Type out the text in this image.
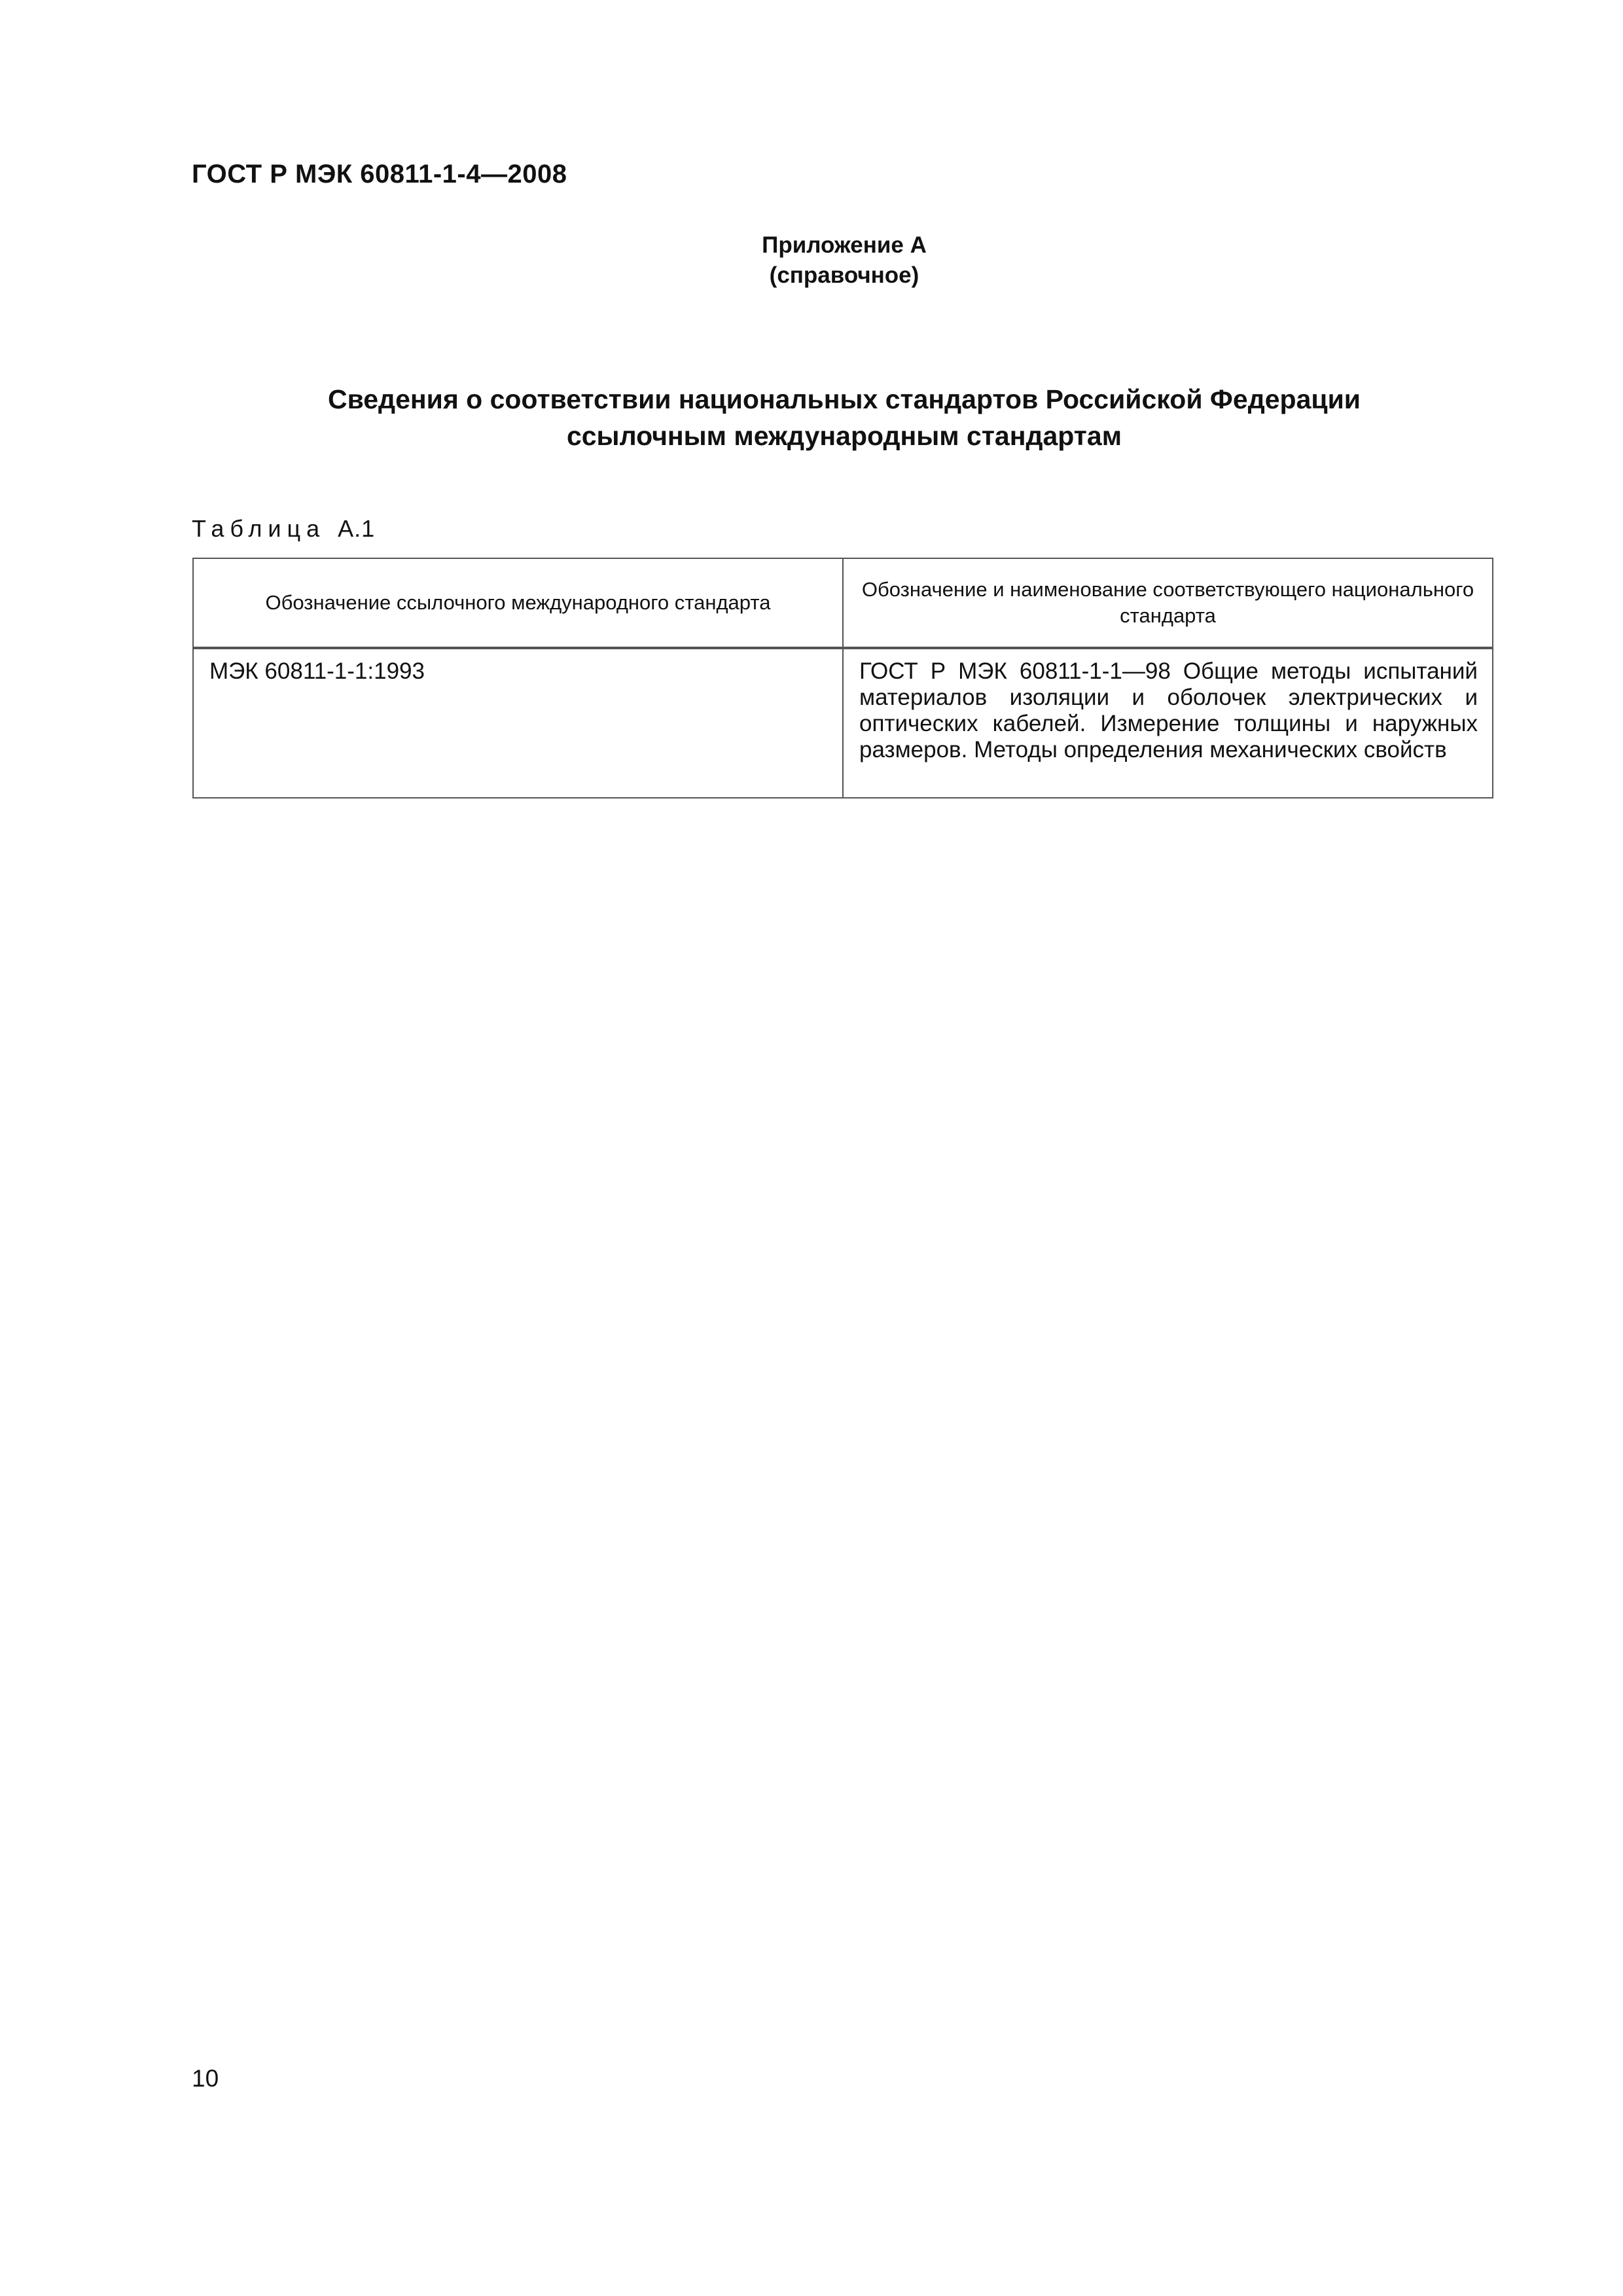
ГОСТ Р МЭК 60811-1-4—2008
Приложение А
(справочное)
Сведения о соответствии национальных стандартов Российской Федерации
ссылочным международным стандартам
Таблица А.1
Обозначение ссылочного международного стандарта	Обозначение и наименование соответствующего национального стандарта
МЭК 60811-1-1:1993	ГОСТ Р МЭК 60811-1-1—98 Общие методы испытаний материалов изоляции и оболочек электрических и оптических кабелей. Измерение толщины и наружных размеров. Методы определения механических свойств
10
